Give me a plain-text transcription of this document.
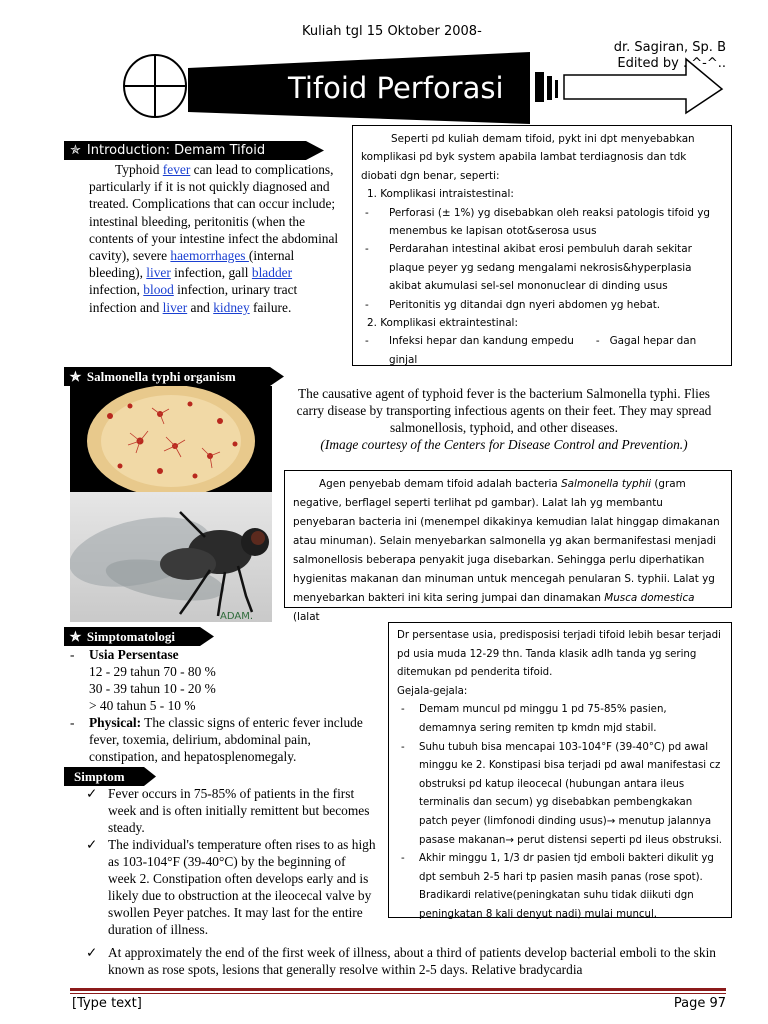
Kuliah tgl 15 Oktober 2008-
dr. Sagiran, Sp. B
Edited by ..^-^..
Tifoid Perforasi
✯ Introduction: Demam Tifoid
Typhoid fever can lead to complications, particularly if it is not quickly diagnosed and treated. Complications that can occur include; intestinal bleeding, peritonitis (when the contents of your intestine infect the abdominal cavity), severe haemorrhages (internal bleeding), liver infection, gall bladder infection, blood infection, urinary tract infection and liver and kidney failure.
Seperti pd kuliah demam tifoid, pykt ini dpt menyebabkan komplikasi pd byk system apabila lambat terdiagnosis dan tdk diobati dgn benar, seperti:
1. Komplikasi intraistestinal:
- Perforasi (± 1%) yg disebabkan oleh reaksi patologis tifoid yg menembus ke lapisan otot&serosa usus
- Perdarahan intestinal akibat erosi pembuluh darah sekitar plaque peyer yg sedang mengalami nekrosis&hyperplasia akibat akumulasi sel-sel mononuclear di dinding usus
- Peritonitis yg ditandai dgn nyeri abdomen yg hebat.
2. Komplikasi ektraintestinal:
- Infeksi hepar dan kandung empedu - Gagal hepar dan ginjal
✯ Salmonella typhi organism
ADAM.
The causative agent of typhoid fever is the bacterium Salmonella typhi. Flies carry disease by transporting infectious agents on their feet. They may spread salmonellosis, typhoid, and other diseases.
(Image courtesy of the Centers for Disease Control and Prevention.)
Agen penyebab demam tifoid adalah bacteria Salmonella typhii (gram negative, berflagel seperti terlihat pd gambar). Lalat lah yg membantu penyebaran bacteria ini (menempel dikakinya kemudian lalat hinggap dimakanan atau minuman). Selain menyebarkan salmonella yg akan bermanifestasi menjadi salmonellosis beberapa penyakit juga disebarkan. Sehingga perlu diperhatikan hygienitas makanan dan minuman untuk mencegah penularan S. typhii. Lalat yg menyebarkan bakteri ini kita sering jumpai dan dinamakan Musca domestica (lalat
✯ Simptomatologi
- Usia Persentase
12 - 29 tahun 70 - 80 %
30 - 39 tahun 10 - 20 %
> 40 tahun 5 - 10 %
- Physical: The classic signs of enteric fever include fever, toxemia, delirium, abdominal pain, constipation, and hepatosplenomegaly.
Simptom
✓ Fever occurs in 75-85% of patients in the first week and is often initially remittent but becomes steady.
✓ The individual's temperature often rises to as high as 103-104°F (39-40°C) by the beginning of week 2. Constipation often develops early and is likely due to obstruction at the ileocecal valve by swollen Peyer patches. It may last for the entire duration of illness.
✓ At approximately the end of the first week of illness, about a third of patients develop bacterial emboli to the skin known as rose spots, lesions that generally resolve within 2-5 days. Relative bradycardia
Dr persentase usia, predisposisi terjadi tifoid lebih besar terjadi pd usia muda 12-29 thn. Tanda klasik adlh tanda yg sering ditemukan pd penderita tifoid.
Gejala-gejala:
- Demam muncul pd minggu 1 pd 75-85% pasien, demamnya sering remiten tp kmdn mjd stabil.
- Suhu tubuh bisa mencapai 103-104°F (39-40°C) pd awal minggu ke 2. Konstipasi bisa terjadi pd awal manifestasi cz obstruksi pd katup ileocecal (hubungan antara ileus terminalis dan secum) yg disebabkan pembengkakan patch peyer (limfonodi dinding usus)→ menutup jalannya pasase makanan→ perut distensi seperti pd ileus obstruksi.
- Akhir minggu 1, 1/3 dr pasien tjd emboli bakteri dikulit yg dpt sembuh 2-5 hari tp pasien masih panas (rose spot). Bradikardi relative(peningkatan suhu tidak diikuti dgn peningkatan 8 kali denyut nadi) mulai muncul.
[Type text]	Page 97
